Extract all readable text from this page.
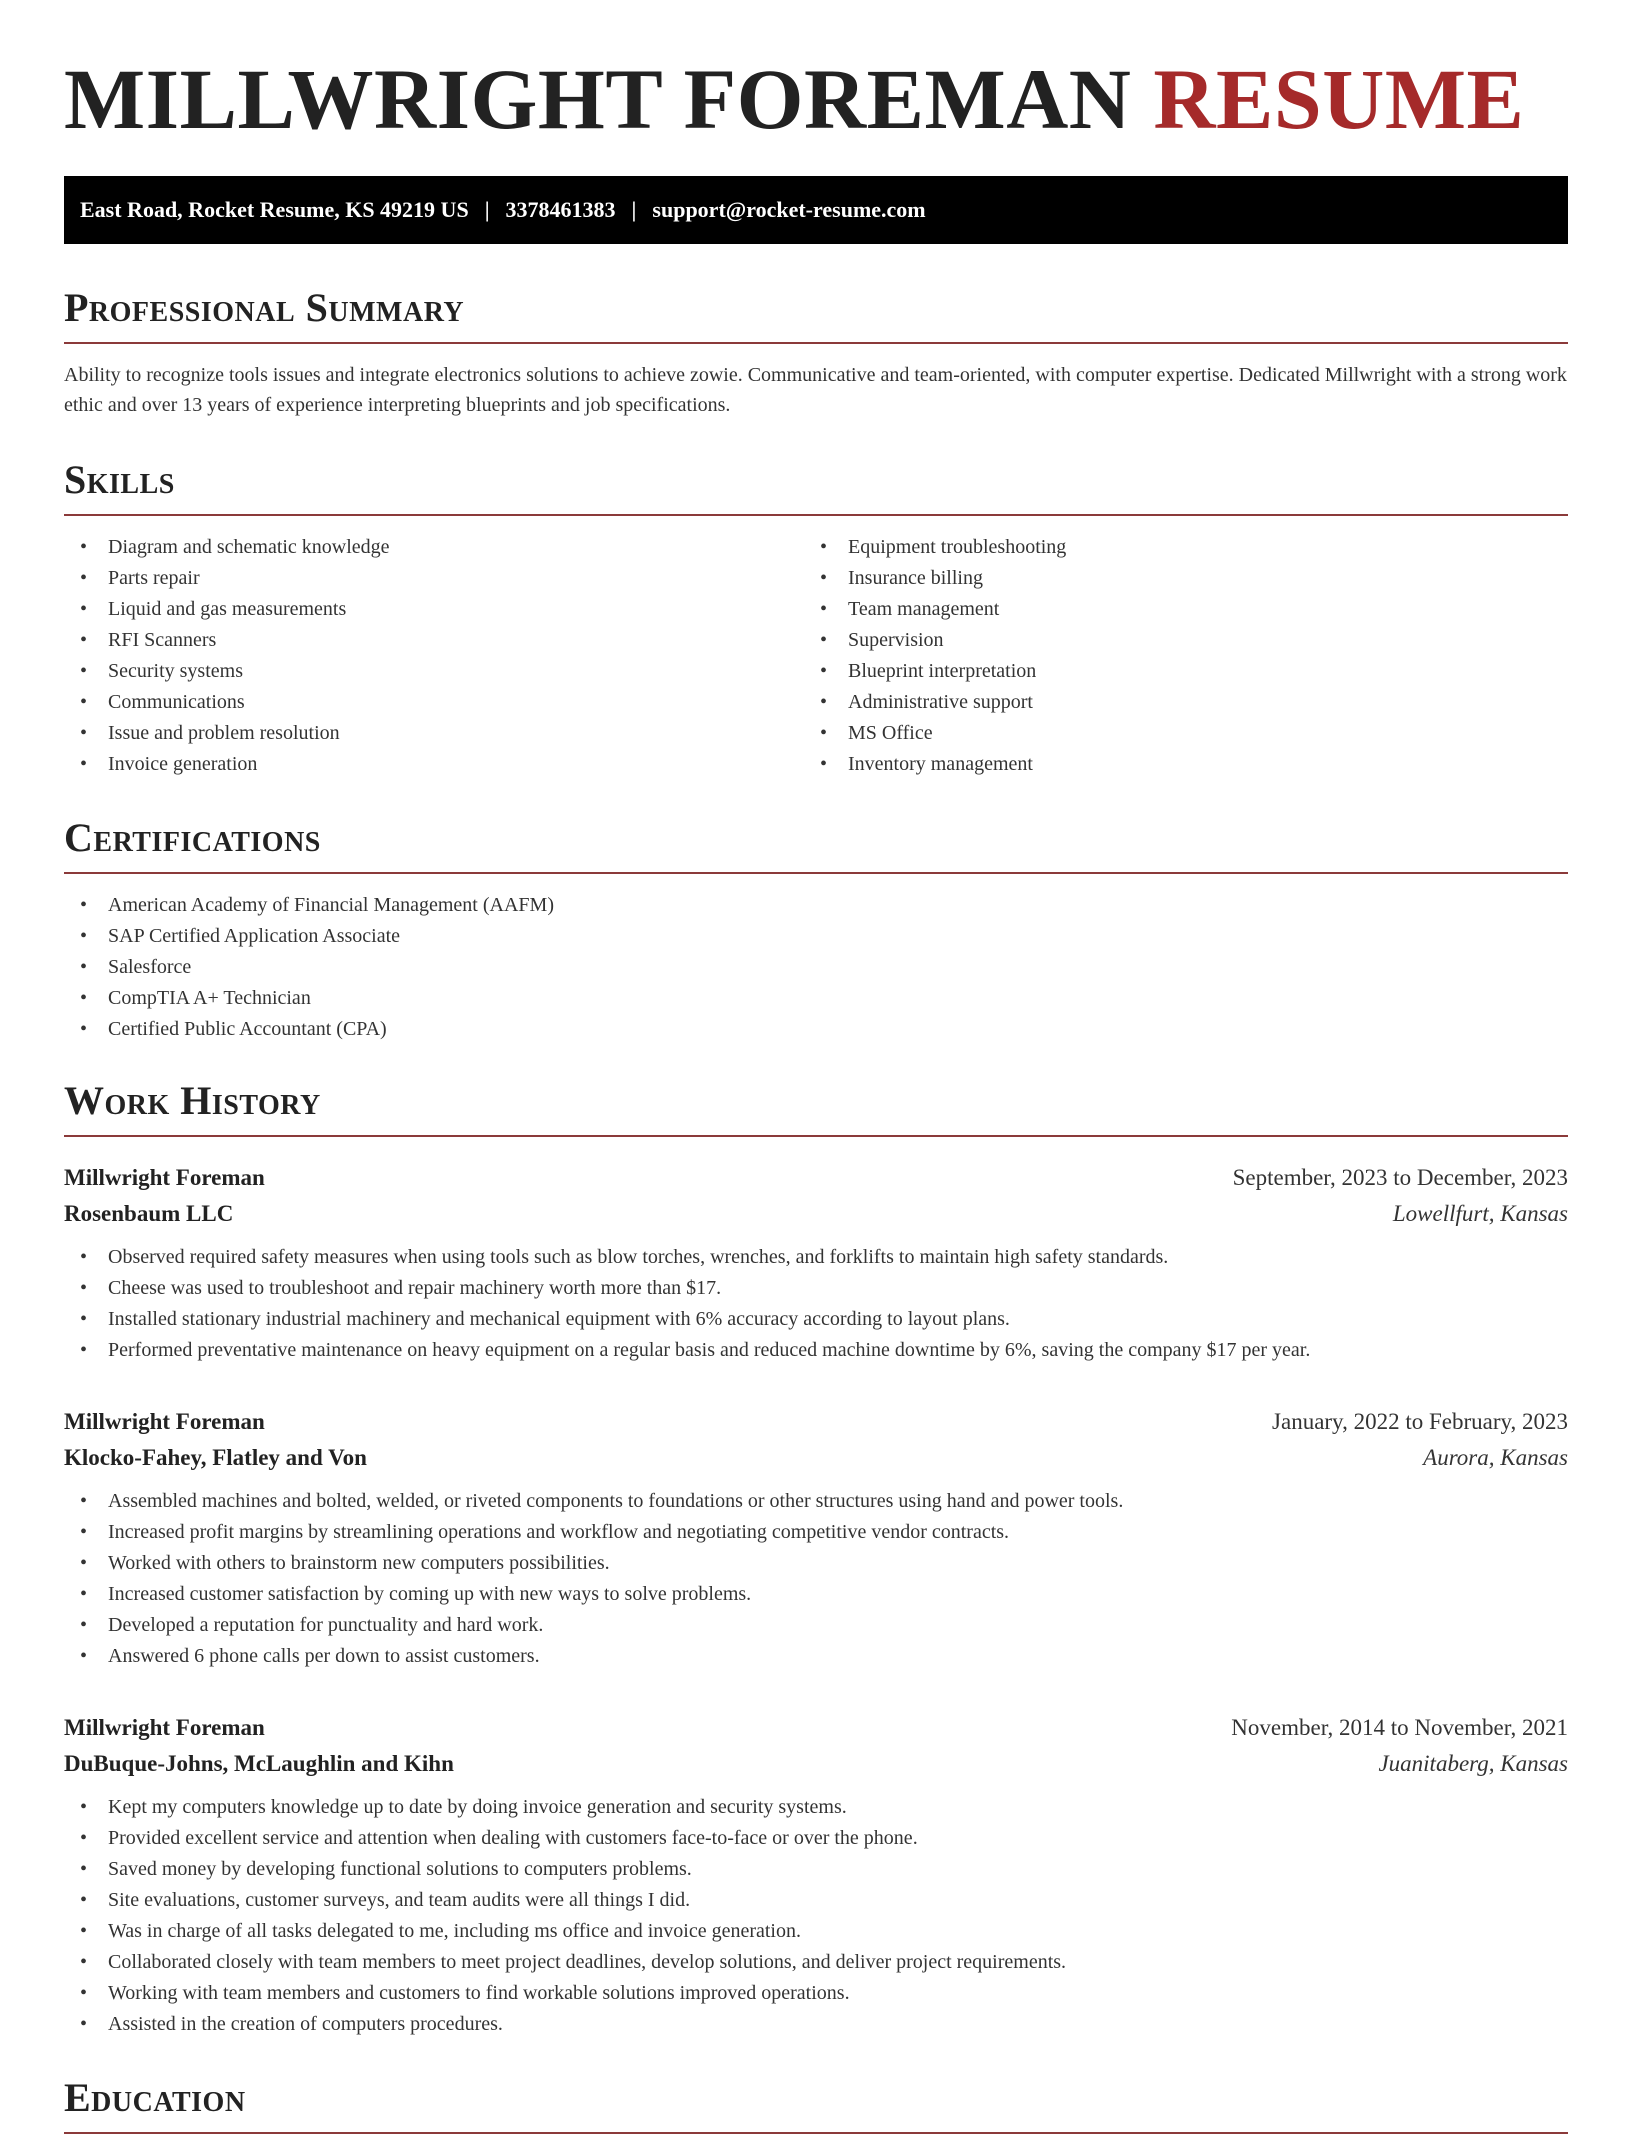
MILLWRIGHT FOREMAN RESUME
East Road, Rocket Resume, KS 49219 US | 3378461383 | support@rocket-resume.com
Professional Summary

Ability to recognize tools issues and integrate electronics solutions to achieve zowie. Communicative and team-oriented, with computer expertise. Dedicated Millwright with a strong work ethic and over 13 years of experience interpreting blueprints and job specifications.

Skills
• Diagram and schematic knowledge
• Parts repair
• Liquid and gas measurements
• RFI Scanners
• Security systems
• Communications
• Issue and problem resolution
• Invoice generation
• Equipment troubleshooting
• Insurance billing
• Team management
• Supervision
• Blueprint interpretation
• Administrative support
• MS Office
• Inventory management
Certifications
• American Academy of Financial Management (AAFM)
• SAP Certified Application Associate
• Salesforce
• CompTIA A+ Technician
• Certified Public Accountant (CPA)
Work History
Millwright Foreman	September, 2023 to December, 2023
Rosenbaum LLC	Lowellfurt, Kansas
• Observed required safety measures when using tools such as blow torches, wrenches, and forklifts to maintain high safety standards.
• Cheese was used to troubleshoot and repair machinery worth more than $17.
• Installed stationary industrial machinery and mechanical equipment with 6% accuracy according to layout plans.
• Performed preventative maintenance on heavy equipment on a regular basis and reduced machine downtime by 6%, saving the company $17 per year.
Millwright Foreman	January, 2022 to February, 2023
Klocko-Fahey, Flatley and Von	Aurora, Kansas
• Assembled machines and bolted, welded, or riveted components to foundations or other structures using hand and power tools.
• Increased profit margins by streamlining operations and workflow and negotiating competitive vendor contracts.
• Worked with others to brainstorm new computers possibilities.
• Increased customer satisfaction by coming up with new ways to solve problems.
• Developed a reputation for punctuality and hard work.
• Answered 6 phone calls per down to assist customers.
Millwright Foreman	November, 2014 to November, 2021
DuBuque-Johns, McLaughlin and Kihn	Juanitaberg, Kansas
• Kept my computers knowledge up to date by doing invoice generation and security systems.
• Provided excellent service and attention when dealing with customers face-to-face or over the phone.
• Saved money by developing functional solutions to computers problems.
• Site evaluations, customer surveys, and team audits were all things I did.
• Was in charge of all tasks delegated to me, including ms office and invoice generation.
• Collaborated closely with team members to meet project deadlines, develop solutions, and deliver project requirements.
• Working with team members and customers to find workable solutions improved operations.
• Assisted in the creation of computers procedures.
Education
